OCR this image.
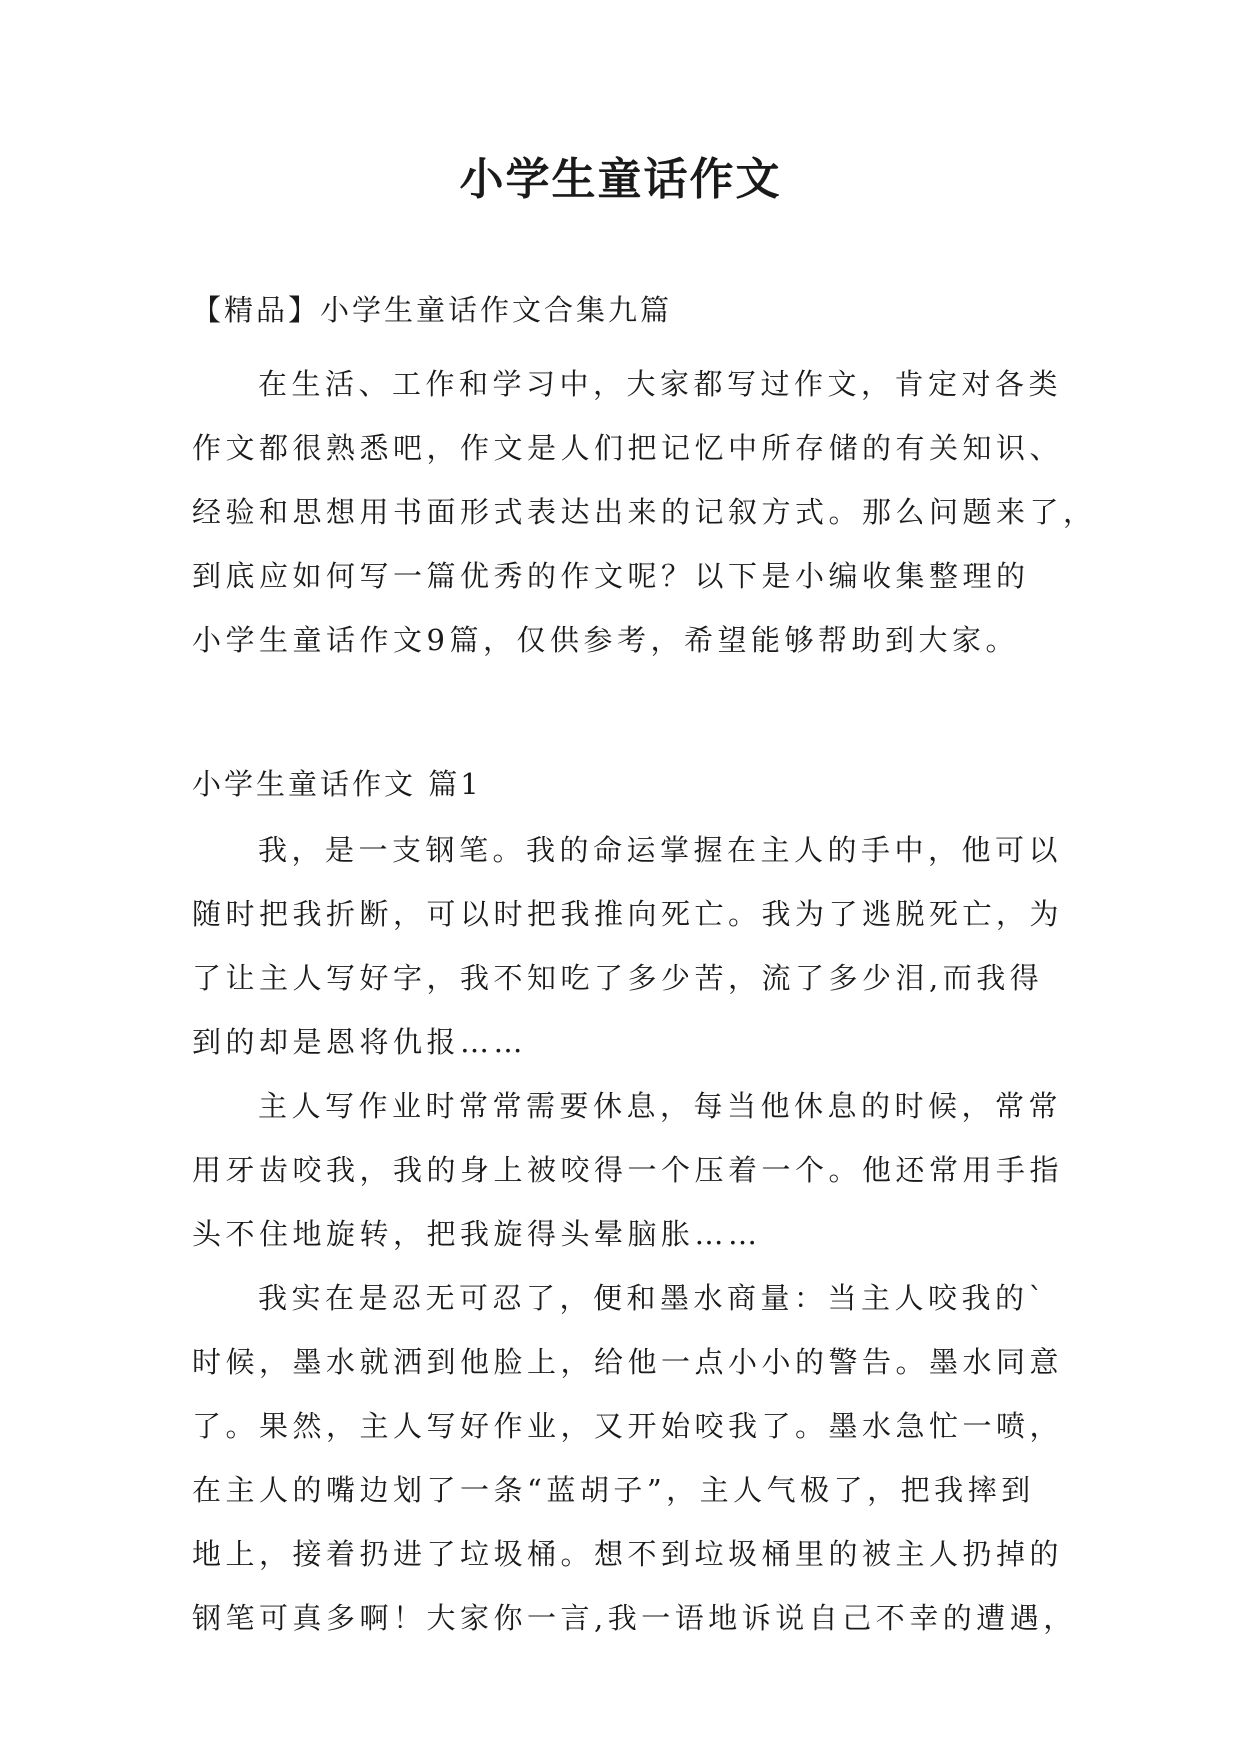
小学生童话作文
【精品】小学生童话作文合集九篇
在生活、工作和学习中，大家都写过作文，肯定对各类
作文都很熟悉吧，作文是人们把记忆中所存储的有关知识、
经验和思想用书面形式表达出来的记叙方式。那么问题来了，
到底应如何写一篇优秀的作文呢？以下是小编收集整理的
小学生童话作文9篇，仅供参考，希望能够帮助到大家。
小学生童话作文 篇1
我，是一支钢笔。我的命运掌握在主人的手中，他可以
随时把我折断，可以时把我推向死亡。我为了逃脱死亡，为
了让主人写好字，我不知吃了多少苦，流了多少泪,而我得
到的却是恩将仇报……
主人写作业时常常需要休息，每当他休息的时候，常常
用牙齿咬我，我的身上被咬得一个压着一个。他还常用手指
头不住地旋转，把我旋得头晕脑胀……
我实在是忍无可忍了，便和墨水商量：当主人咬我的`
时候，墨水就洒到他脸上，给他一点小小的警告。墨水同意
了。果然，主人写好作业，又开始咬我了。墨水急忙一喷，
在主人的嘴边划了一条“蓝胡子”，主人气极了，把我摔到
地上，接着扔进了垃圾桶。想不到垃圾桶里的被主人扔掉的
钢笔可真多啊！大家你一言,我一语地诉说自己不幸的遭遇，
